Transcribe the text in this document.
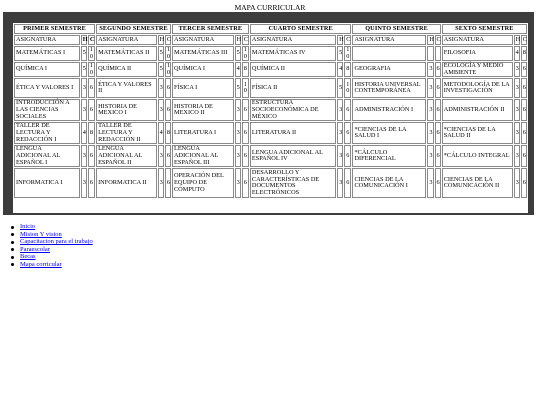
MAPA CURRICULAR
PRIMER SEMESTRE			SEGUNDO SEMESTRE			TERCER SEMESTRE			CUARTO SEMESTRE			QUINTO SEMESTRE			SEXTO SEMESTRE		
ASIGNATURA	H	C	ASIGNATURA	H	C	ASIGNATURA	H	C	ASIGNATURA	H	C	ASIGNATURA	H	C	ASIGNATURA	H	C
MATEMÁTICAS I	5	10	MATEMÁTICAS II	5	10	MATEMÁTICAS III	5	10	MATEMÁTICAS IV	5	10				FILOSOFIA	4	8
QUÍMICA I	5	10	QUÍMICA II	5	10	QUÍMICA I	4	8	QUÍMICA II	4	8	GEOGRAFIA	3	6	ECOLOGÍA Y MEDIO AMBIENTE	3	6
ÉTICA Y VALORES I	3	6	ÉTICA Y VALORES II	3	6	FÍSICA I	5	10	FÍSICA II	5	10	HISTORIA UNIVERSAL CONTEMPORÁNEA	3	6	METODOLOGÍA DE LA INVESTIGACIÓN	3	6
INTRODUCCIÓN A LAS CIENCIAS SOCIALES	3	6	HISTORIA DE MEXICO I	3	6	HISTORIA DE MEXICO II	3	6	ESTRUCTURA SOCIOECONÓMICA DE MÉXICO	3	6	ADMINISTRACIÓN I	3	6	ADMINISTRACIÓN II	3	6
TALLER DE LECTURA Y REDACCIÓN I	4	8	TALLER DE LECTURA Y REDACCIÓN II	4	8	LITERATURA I	3	6	LITERATURA II	3	6	*CIENCIAS DE LA SALUD I	3	6	*CIENCIAS DE LA SALUD II	3	6
LENGUA ADICIONAL AL ESPAÑOL I	3	6	LENGUA ADICIONAL AL ESPAÑOL II	3	6	LENGUA ADICIONAL AL ESPAÑOL III	3	6	LENGUA ADICIONAL AL ESPAÑOL IV	3	6	*CÁLCULO DIFERENCIAL	3	6	*CÁLCULO INTEGRAL	3	6
INFORMATICA I	3	6	INFORMATICA II	3	6	OPERACIÓN DEL EQUIPO DE CÓMPUTO	3	6	DESARROLLO Y CARACTERÍSTICAS DE DOCUMENTOS ELECTRÓNICOS	3	6	CIENCIAS DE LA COMUNICACIÓN I	3	6	CIENCIAS DE LA COMUNICACIÓN II	3	6
Inicio
Mision Y vision
Capacitacion para el trabajo
Paraescolar
Becas
Mapa corricular
